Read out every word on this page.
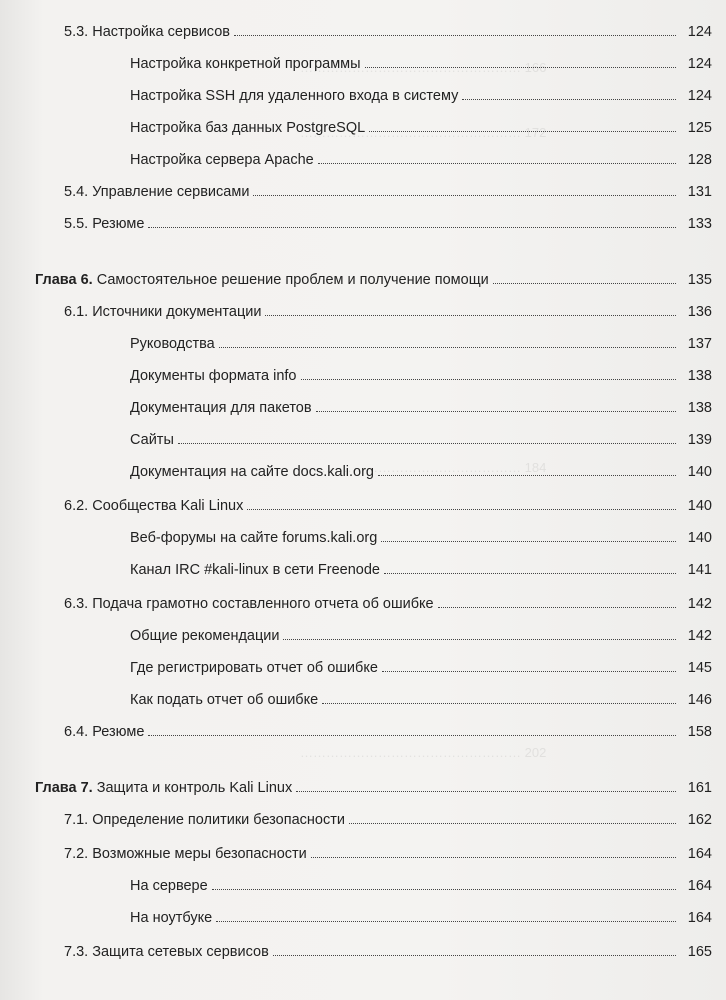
…………………………………………… 166
…………………………………………… 172
…………………………………………… 184
…………………………………………… 202
5.3. Настройка сервисов	124
Настройка конкретной программы	124
Настройка SSH для удаленного входа в систему	124
Настройка баз данных PostgreSQL	125
Настройка сервера Apache	128
5.4. Управление сервисами	131
5.5. Резюме	133
Глава 6. Самостоятельное решение проблем и получение помощи	135
6.1. Источники документации	136
Руководства	137
Документы формата info	138
Документация для пакетов	138
Сайты	139
Документация на сайте docs.kali.org	140
6.2. Сообщества Kali Linux	140
Веб-форумы на сайте forums.kali.org	140
Канал IRC #kali-linux в сети Freenode	141
6.3. Подача грамотно составленного отчета об ошибке	142
Общие рекомендации	142
Где регистрировать отчет об ошибке	145
Как подать отчет об ошибке	146
6.4. Резюме	158
Глава 7. Защита и контроль Kali Linux	161
7.1. Определение политики безопасности	162
7.2. Возможные меры безопасности	164
На сервере	164
На ноутбуке	164
7.3. Защита сетевых сервисов	165
